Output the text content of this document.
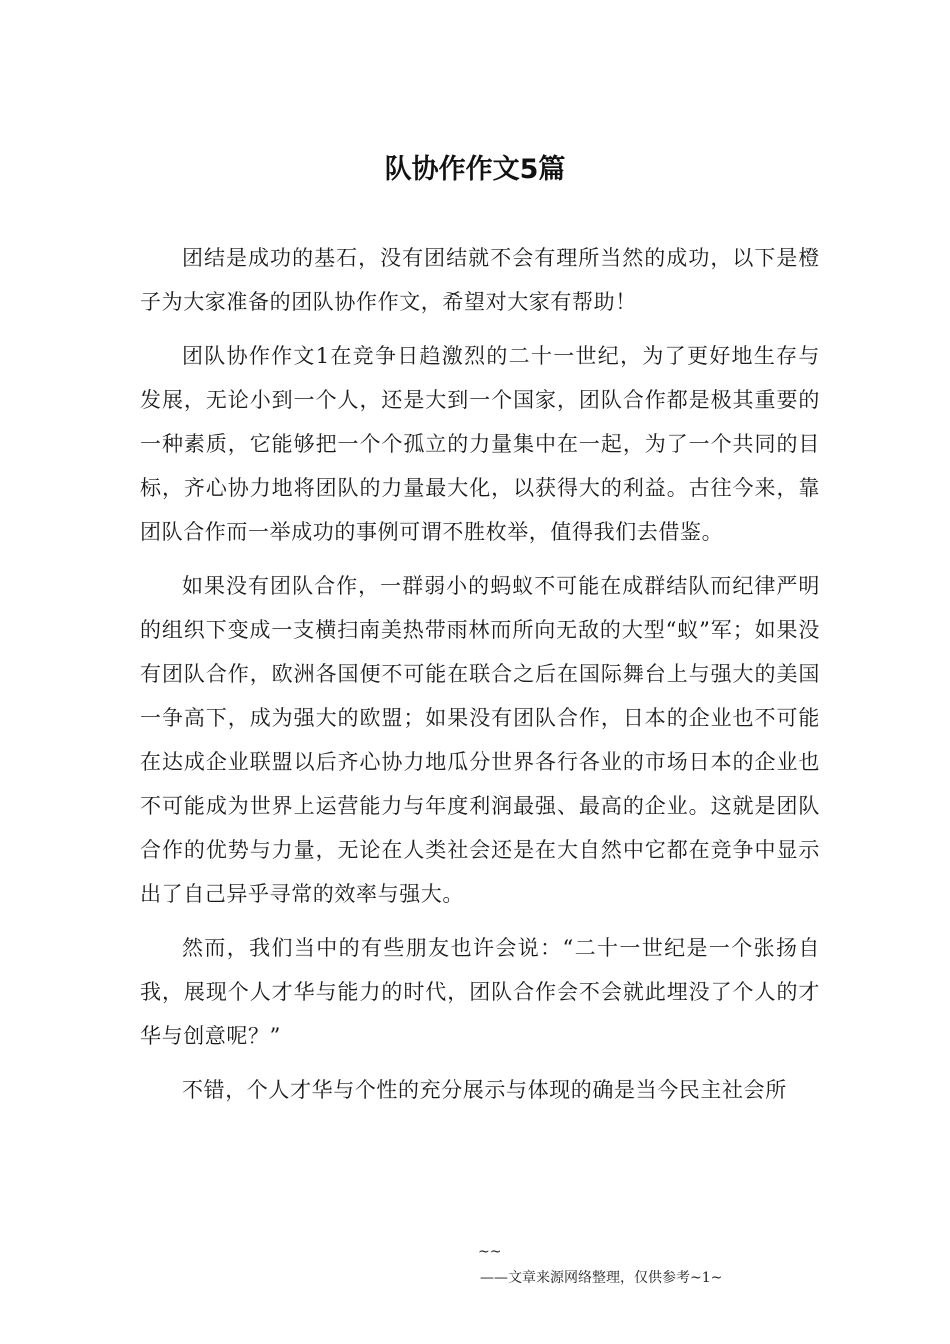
队协作作文5篇

团结是成功的基石，没有团结就不会有理所当然的成功，以下是橙子为大家准备的团队协作作文，希望对大家有帮助！

团队协作作文1在竞争日趋激烈的二十一世纪，为了更好地生存与发展，无论小到一个人，还是大到一个国家，团队合作都是极其重要的一种素质，它能够把一个个孤立的力量集中在一起，为了一个共同的目标，齐心协力地将团队的力量最大化，以获得大的利益。古往今来，靠团队合作而一举成功的事例可谓不胜枚举，值得我们去借鉴。

如果没有团队合作，一群弱小的蚂蚁不可能在成群结队而纪律严明的组织下变成一支横扫南美热带雨林而所向无敌的大型“蚁”军；如果没有团队合作，欧洲各国便不可能在联合之后在国际舞台上与强大的美国一争高下，成为强大的欧盟；如果没有团队合作，日本的企业也不可能在达成企业联盟以后齐心协力地瓜分世界各行各业的市场日本的企业也不可能成为世界上运营能力与年度利润最强、最高的企业。这就是团队合作的优势与力量，无论在人类社会还是在大自然中它都在竞争中显示出了自己异乎寻常的效率与强大。

然而，我们当中的有些朋友也许会说：“二十一世纪是一个张扬自我，展现个人才华与能力的时代，团队合作会不会就此埋没了个人的才华与创意呢？”

不错，个人才华与个性的充分展示与体现的确是当今民主社会所

~~
——文章来源网络整理，仅供参考~1~
